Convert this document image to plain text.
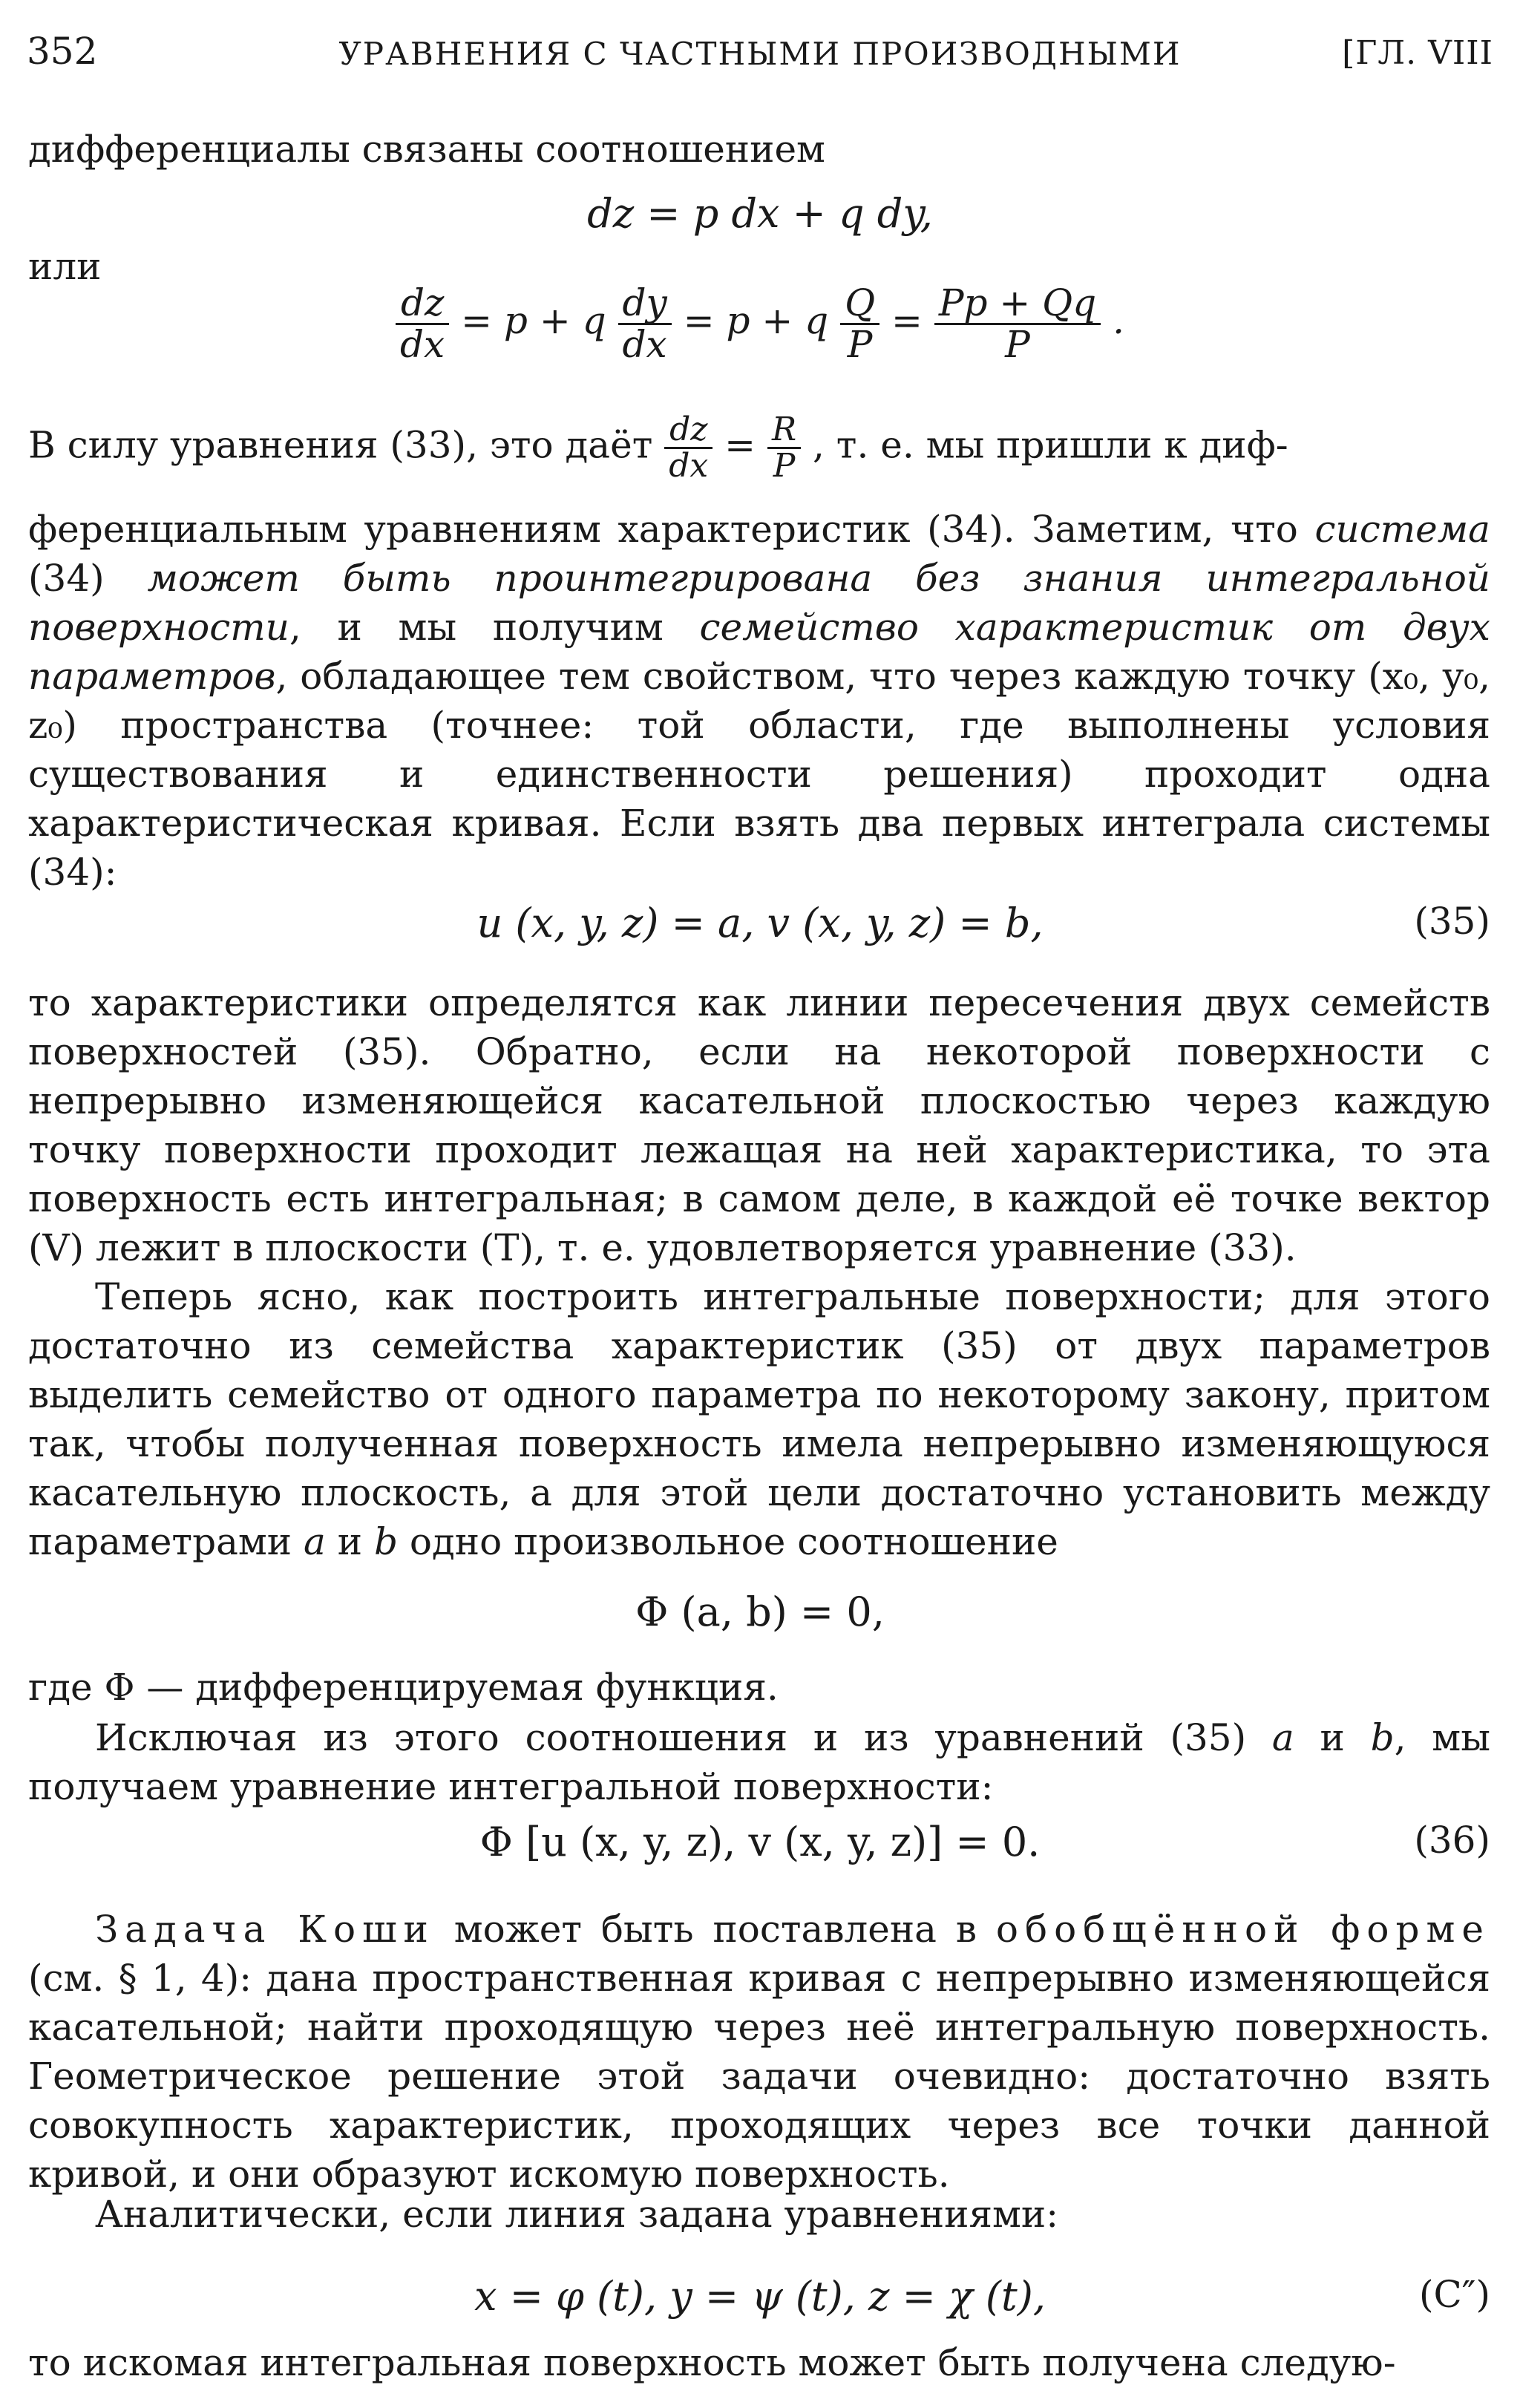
352	УРАВНЕНИЯ С ЧАСТНЫМИ ПРОИЗВОДНЫМИ	[ГЛ. VIII
дифференциалы связаны соотношением
dz = p dx + q dy,
или
$\frac{dz}{dx} = p + q \frac{dy}{dx} = p + q \frac{Q}{P} = \frac{Pp + Qq}{P}$ .
В силу уравнения (33), это даёт $\frac{dz}{dx} = \frac{R}{P}$ , т. е. мы пришли к диф-
ференциальным уравнениям характеристик (34). Заметим, что система (34) может быть проинтегрирована без знания интегральной поверхности, и мы получим семейство характеристик от двух параметров, обладающее тем свойством, что через каждую точку (x₀, y₀, z₀) пространства (точнее: той области, где выполнены условия существования и единственности решения) проходит одна характеристическая кривая. Если взять два первых интеграла системы (34):
u (x, y, z) = a, v (x, y, z) = b,	(35)
то характеристики определятся как линии пересечения двух семейств поверхностей (35). Обратно, если на некоторой поверхности с непрерывно изменяющейся касательной плоскостью через каждую точку поверхности проходит лежащая на ней характеристика, то эта поверхность есть интегральная; в самом деле, в каждой её точке вектор (V) лежит в плоскости (T), т. е. удовлетворяется уравнение (33).
Теперь ясно, как построить интегральные поверхности; для этого достаточно из семейства характеристик (35) от двух параметров выделить семейство от одного параметра по некоторому закону, притом так, чтобы полученная поверхность имела непрерывно изменяющуюся касательную плоскость, а для этой цели достаточно установить между параметрами a и b одно произвольное соотношение
Φ (a, b) = 0,
где Φ — дифференцируемая функция.
Исключая из этого соотношения и из уравнений (35) a и b, мы получаем уравнение интегральной поверхности:
Φ [u (x, y, z), v (x, y, z)] = 0.	(36)
Задача Коши может быть поставлена в обобщённой форме (см. § 1, 4): дана пространственная кривая с непрерывно изменяющейся касательной; найти проходящую через неё интегральную поверхность. Геометрическое решение этой задачи очевидно: достаточно взять совокупность характеристик, проходящих через все точки данной кривой, и они образуют искомую поверхность.
Аналитически, если линия задана уравнениями:
x = φ (t), y = ψ (t), z = χ (t),	(C″)
то искомая интегральная поверхность может быть получена следую-
